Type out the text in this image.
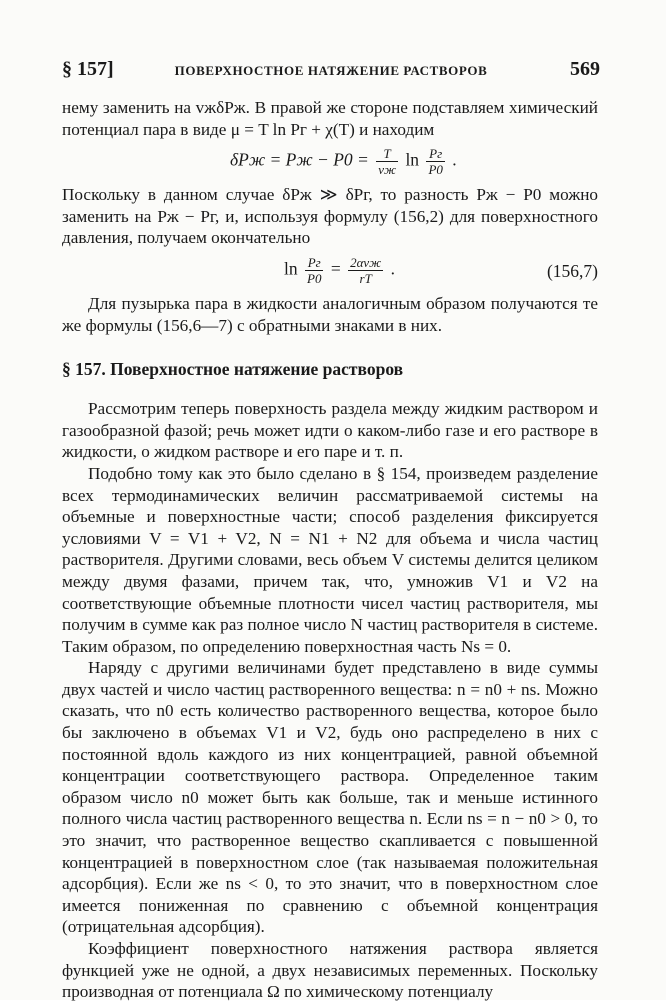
§ 157]	ПОВЕРХНОСТНОЕ НАТЯЖЕНИЕ РАСТВОРОВ	569

нему заменить на vжδPж. В правой же стороне подставляем химический потенциал пара в виде μ = T ln Pг + χ(T) и находим

δPж = Pж − $P0 = \frac{T}{vж}$ $\ln \frac{Pг}{P0}$ .

Поскольку в данном случае δPж ≫ δPг, то разность Pж − P0 можно заменить на Pж − Pг, и, используя формулу (156,2) для поверхностного давления, получаем окончательно

$\ln \frac{Pг}{P0} = \frac{\text{2αvж}}{rT}$ .	(156,7)

Для пузырька пара в жидкости аналогичным образом получаются те же формулы (156,6—7) с обратными знаками в них.

§ 157. Поверхностное натяжение растворов

Рассмотрим теперь поверхность раздела между жидким раствором и газообразной фазой; речь может идти о каком-либо газе и его растворе в жидкости, о жидком растворе и его паре и т. п.

Подобно тому как это было сделано в § 154, произведем разделение всех термодинамических величин рассматриваемой системы на объемные и поверхностные части; способ разделения фиксируется условиями V = V1 + V2, N = N1 + N2 для объема и числа частиц растворителя. Другими словами, весь объем V системы делится целиком между двумя фазами, причем так, что, умножив V1 и V2 на соответствующие объемные плотности чисел частиц растворителя, мы получим в сумме как раз полное число N частиц растворителя в системе. Таким образом, по определению поверхностная часть Ns = 0.

Наряду с другими величинами будет представлено в виде суммы двух частей и число частиц растворенного вещества: n = n0 + ns. Можно сказать, что n0 есть количество растворенного вещества, которое было бы заключено в объемах V1 и V2, будь оно распределено в них с постоянной вдоль каждого из них концентрацией, равной объемной концентрации соответствующего раствора. Определенное таким образом число n0 может быть как больше, так и меньше истинного полного числа частиц растворенного вещества n. Если ns = n − n0 > 0, то это значит, что растворенное вещество скапливается с повышенной концентрацией в поверхностном слое (так называемая положительная адсорбция). Если же ns < 0, то это значит, что в поверхностном слое имеется пониженная по сравнению с объемной концентрация (отрицательная адсорбция).

Коэффициент поверхностного натяжения раствора является функцией уже не одной, а двух независимых переменных. Поскольку производная от потенциала Ω по химическому потенциалу
